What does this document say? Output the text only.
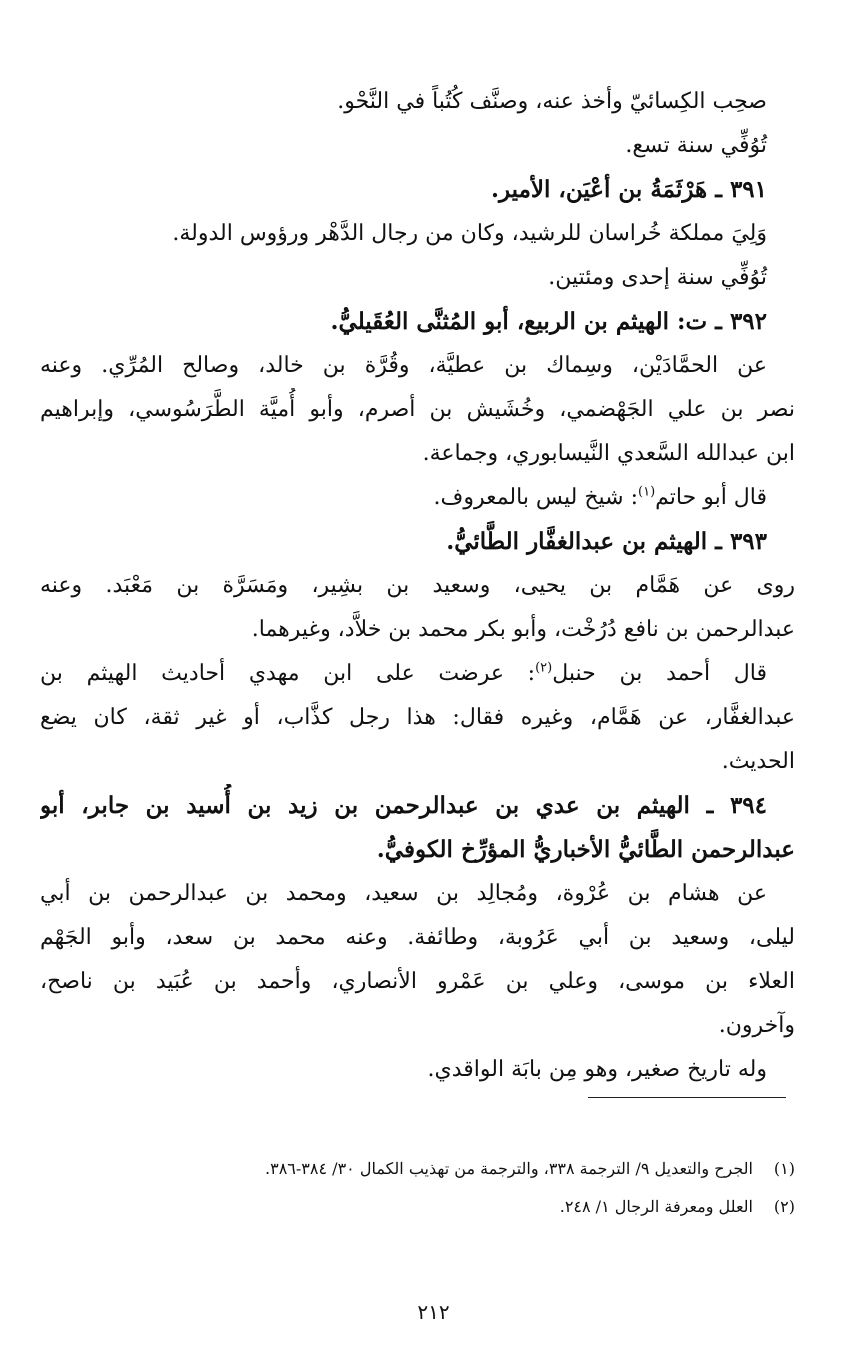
صحِب الكِسائيّ وأخذ عنه، وصنَّف كُتُباً في النَّحْو.
تُوُفِّي سنة تسع.
٣٩١ ـ هَرْثَمَةُ بن أعْيَن، الأمير.
وَلِيَ مملكة خُراسان للرشيد، وكان من رجال الدَّهْر ورؤوس الدولة.
تُوُفِّي سنة إحدى ومئتين.
٣٩٢ ـ ت: الهيثم بن الربيع، أبو المُثنَّى العُقَيليُّ.
عن الحمَّادَيْن، وسِماك بن عطيَّة، وقُرَّة بن خالد، وصالح المُرِّي. وعنه
نصر بن علي الجَهْضمي، وخُشَيش بن أصرم، وأبو أُميَّة الطَّرَسُوسي، وإبراهيم
ابن عبدالله السَّعدي النَّيسابوري، وجماعة.
قال أبو حاتم$^{(١)}$: شيخ ليس بالمعروف.
٣٩٣ ـ الهيثم بن عبدالغفَّار الطَّائيُّ.
روى عن هَمَّام بن يحيى، وسعيد بن بشِير، ومَسَرَّة بن مَعْبَد. وعنه
عبدالرحمن بن نافع دُرُخْت، وأبو بكر محمد بن خلاَّد، وغيرهما.
قال أحمد بن حنبل$^{(٢)}$: عرضت على ابن مهدي أحاديث الهيثم بن
عبدالغفَّار، عن هَمَّام، وغيره فقال: هذا رجل كذَّاب، أو غير ثقة، كان يضع
الحديث.
٣٩٤ ـ الهيثم بن عدي بن عبدالرحمن بن زيد بن أُسيد بن جابر، أبو
عبدالرحمن الطَّائيُّ الأخباريُّ المؤرِّخ الكوفيُّ.
عن هشام بن عُرْوة، ومُجالِد بن سعيد، ومحمد بن عبدالرحمن بن أبي
ليلى، وسعيد بن أبي عَرُوبة، وطائفة. وعنه محمد بن سعد، وأبو الجَهْم
العلاء بن موسى، وعلي بن عَمْرو الأنصاري، وأحمد بن عُبَيد بن ناصح،
وآخرون.
وله تاريخ صغير، وهو مِن بابَة الواقدي.
(١)الجرح والتعديل ٩/ الترجمة ٣٣٨، والترجمة من تهذيب الكمال ٣٠/ ٣٨٤-٣٨٦.
(٢)العلل ومعرفة الرجال ١/ ٢٤٨.
٢١٢
